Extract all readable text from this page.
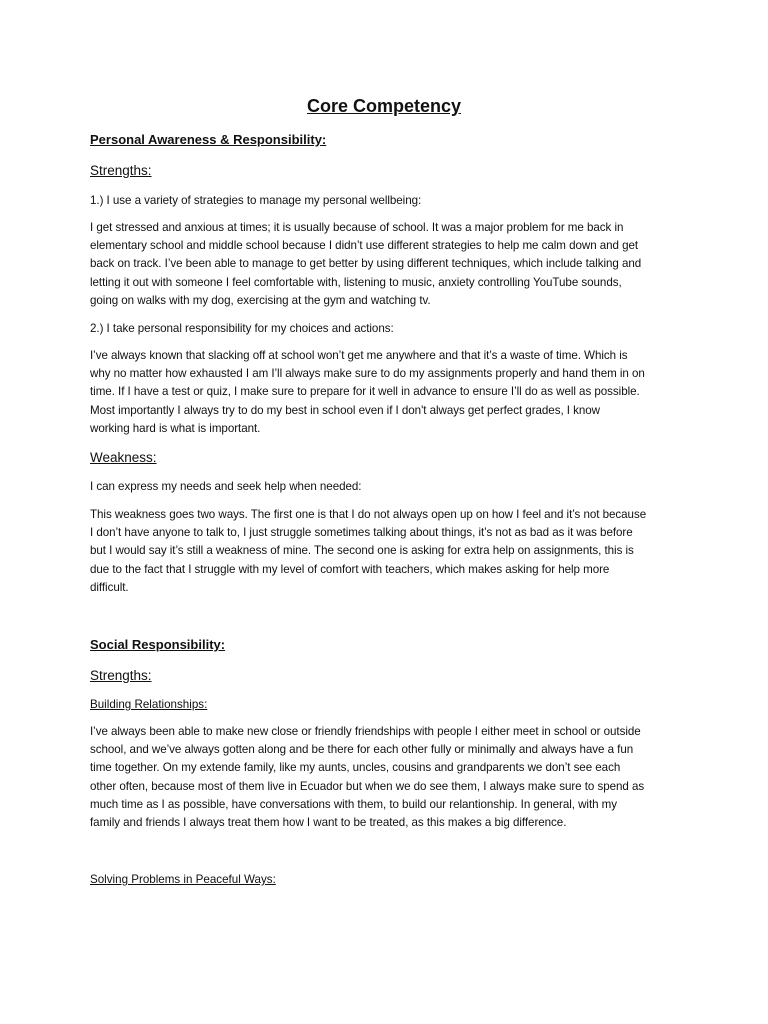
Core Competency
Personal Awareness & Responsibility:
Strengths:
1.) I use a variety of strategies to manage my personal wellbeing:
I get stressed and anxious at times; it is usually because of school. It was a major problem for me back in
elementary school and middle school because I didn’t use different strategies to help me calm down and get
back on track. I’ve been able to manage to get better by using different techniques, which include talking and
letting it out with someone I feel comfortable with, listening to music, anxiety controlling YouTube sounds,
going on walks with my dog, exercising at the gym and watching tv.
2.) I take personal responsibility for my choices and actions:
I’ve always known that slacking off at school won’t get me anywhere and that it’s a waste of time. Which is
why no matter how exhausted I am I’ll always make sure to do my assignments properly and hand them in on
time. If I have a test or quiz, I make sure to prepare for it well in advance to ensure I’ll do as well as possible.
Most importantly I always try to do my best in school even if I don't always get perfect grades, I know
working hard is what is important.
Weakness:
I can express my needs and seek help when needed:
This weakness goes two ways. The first one is that I do not always open up on how I feel and it’s not because
I don’t have anyone to talk to, I just struggle sometimes talking about things, it’s not as bad as it was before
but I would say it’s still a weakness of mine. The second one is asking for extra help on assignments, this is
due to the fact that I struggle with my level of comfort with teachers, which makes asking for help more
difficult.
Social Responsibility:
Strengths:
Building Relationships:
I’ve always been able to make new close or friendly friendships with people I either meet in school or outside
school, and we’ve always gotten along and be there for each other fully or minimally and always have a fun
time together. On my extende family, like my aunts, uncles, cousins and grandparents we don’t see each
other often, because most of them live in Ecuador but when we do see them, I always make sure to spend as
much time as I as possible, have conversations with them, to build our relantionship. In general, with my
family and friends I always treat them how I want to be treated, as this makes a big difference.
Solving Problems in Peaceful Ways:
